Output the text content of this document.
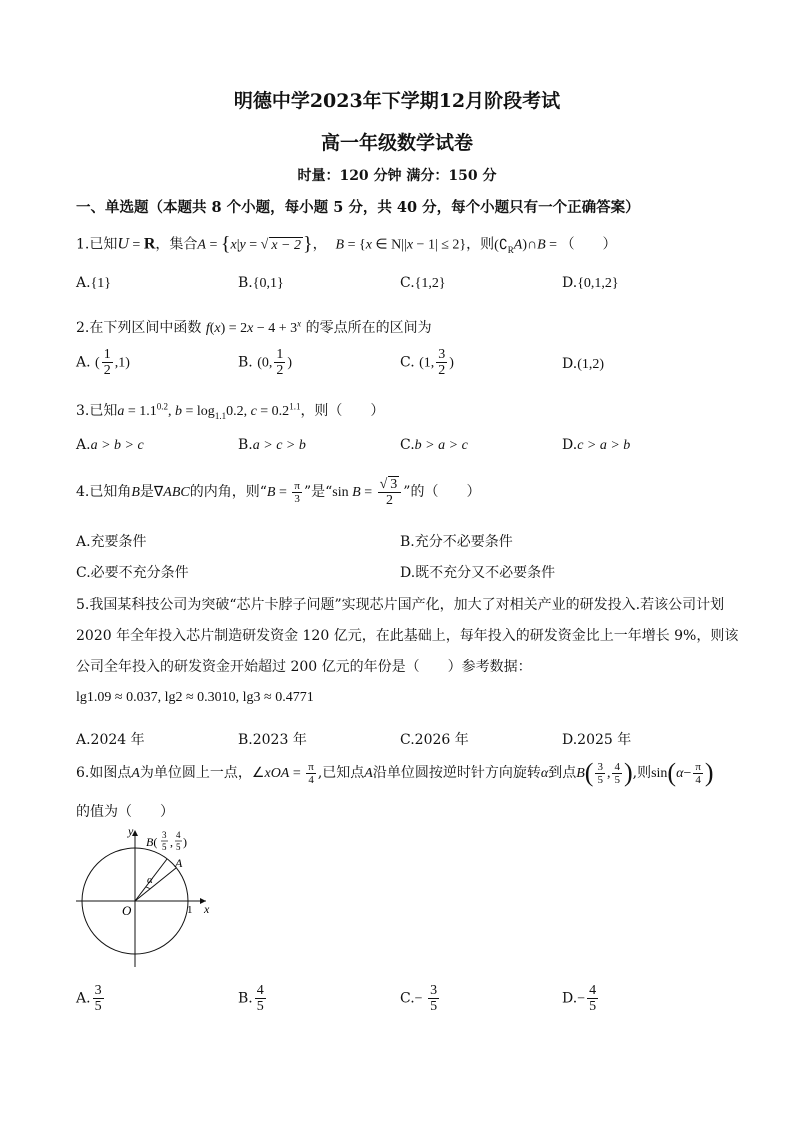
明德中学2023年下学期12月阶段考试
高一年级数学试卷
时量：120 分钟 满分：150 分
一、单选题（本题共 8 个小题，每小题 5 分，共 40 分，每个小题只有一个正确答案）
1.已知U = R，集合A = {x|y = √ x − 2 }， B = {x ∈ N||x − 1| ≤ 2}，则$(∁_RA)\cap B$ = （　　）
A.{1}	B.{0,1}	C.{1,2}	D.{0,1,2}
2.在下列区间中函数 $f(x) = 2x - 4 + 3^x$ 的零点所在的区间为
A. ( $\frac{1}{2} ,1$)	B. (0, $\frac{1}{2}$ )	C. (1, $\frac{3}{2}$ )	D.(1,2)
3.已知$a = 1.1^{0.2}$, $b = \log_{1.1}0.2$, $c = 0.2^{1.1}$，则（　　）
A.a > b > c	B.a > c > b	C.b > a > c	D.c > a > b
4.已知角B是∇ABC的内角，则“$B = \frac{\pi}{3}$ ”是“sin $B = \frac{√ 3}{2}$ ”的（　　）
A.充要条件	B.充分不必要条件
C.必要不充分条件	D.既不充分又不必要条件
5.我国某科技公司为突破“芯片卡脖子问题”实现芯片国产化，加大了对相关产业的研发投入.若该公司计划
2020 年全年投入芯片制造研发资金 120 亿元，在此基础上，每年投入的研发资金比上一年增长 9%，则该
公司全年投入的研发资金开始超过 200 亿元的年份是（　　）参考数据：
lg1.09 ≈ 0.037, lg2 ≈ 0.3010, lg3 ≈ 0.4771
A.2024 年	B.2023 年	C.2026 年	D.2025 年
6.如图点A为单位圆上一点，∠xOA = $\frac{\pi}{4}$ ,已知点A沿单位圆按逆时针方向旋转α到点$B( \frac{3}{5}$ , $\frac{4}{5}$ ),则$\sin(\alpha- \frac{\pi}{4}$ )
的值为（　　）
y
x
O	1
A
α
B( 3
5 , 4
5 )
A. $\frac{3}{5}$	B. $\frac{4}{5}$	$C.- \frac{3}{5}$	$D.- \frac{4}{5}$
